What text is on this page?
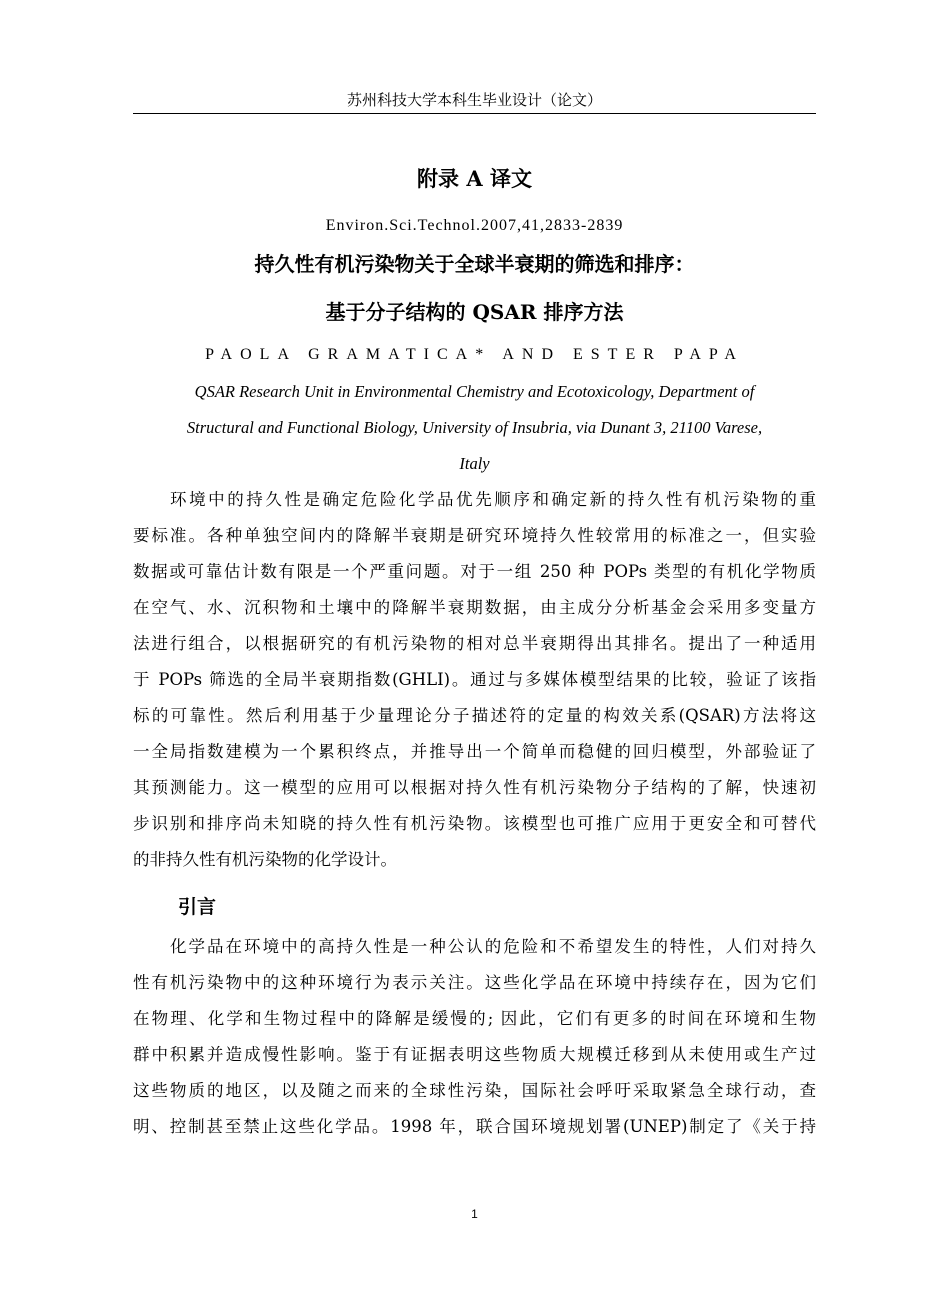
苏州科技大学本科生毕业设计（论文）
附录 A 译文
Environ.Sci.Technol.2007,41,2833-2839
持久性有机污染物关于全球半衰期的筛选和排序：
基于分子结构的 QSAR 排序方法
PAOLA GRAMATICA* AND ESTER PAPA
QSAR Research Unit in Environmental Chemistry and Ecotoxicology, Department of
Structural and Functional Biology, University of Insubria, via Dunant 3, 21100 Varese,
Italy
环境中的持久性是确定危险化学品优先顺序和确定新的持久性有机污染物的重
要标准。各种单独空间内的降解半衰期是研究环境持久性较常用的标准之一，但实验
数据或可靠估计数有限是一个严重问题。对于一组 250 种 POPs 类型的有机化学物质
在空气、水、沉积物和土壤中的降解半衰期数据，由主成分分析基金会采用多变量方
法进行组合，以根据研究的有机污染物的相对总半衰期得出其排名。提出了一种适用
于 POPs 筛选的全局半衰期指数(GHLI)。通过与多媒体模型结果的比较，验证了该指
标的可靠性。然后利用基于少量理论分子描述符的定量的构效关系(QSAR)方法将这
一全局指数建模为一个累积终点，并推导出一个简单而稳健的回归模型，外部验证了
其预测能力。这一模型的应用可以根据对持久性有机污染物分子结构的了解，快速初
步识别和排序尚未知晓的持久性有机污染物。该模型也可推广应用于更安全和可替代
的非持久性有机污染物的化学设计。
引言
化学品在环境中的高持久性是一种公认的危险和不希望发生的特性，人们对持久
性有机污染物中的这种环境行为表示关注。这些化学品在环境中持续存在，因为它们
在物理、化学和生物过程中的降解是缓慢的; 因此，它们有更多的时间在环境和生物
群中积累并造成慢性影响。鉴于有证据表明这些物质大规模迁移到从未使用或生产过
这些物质的地区，以及随之而来的全球性污染，国际社会呼吁采取紧急全球行动，查
明、控制甚至禁止这些化学品。1998 年，联合国环境规划署(UNEP)制定了《关于持
1
